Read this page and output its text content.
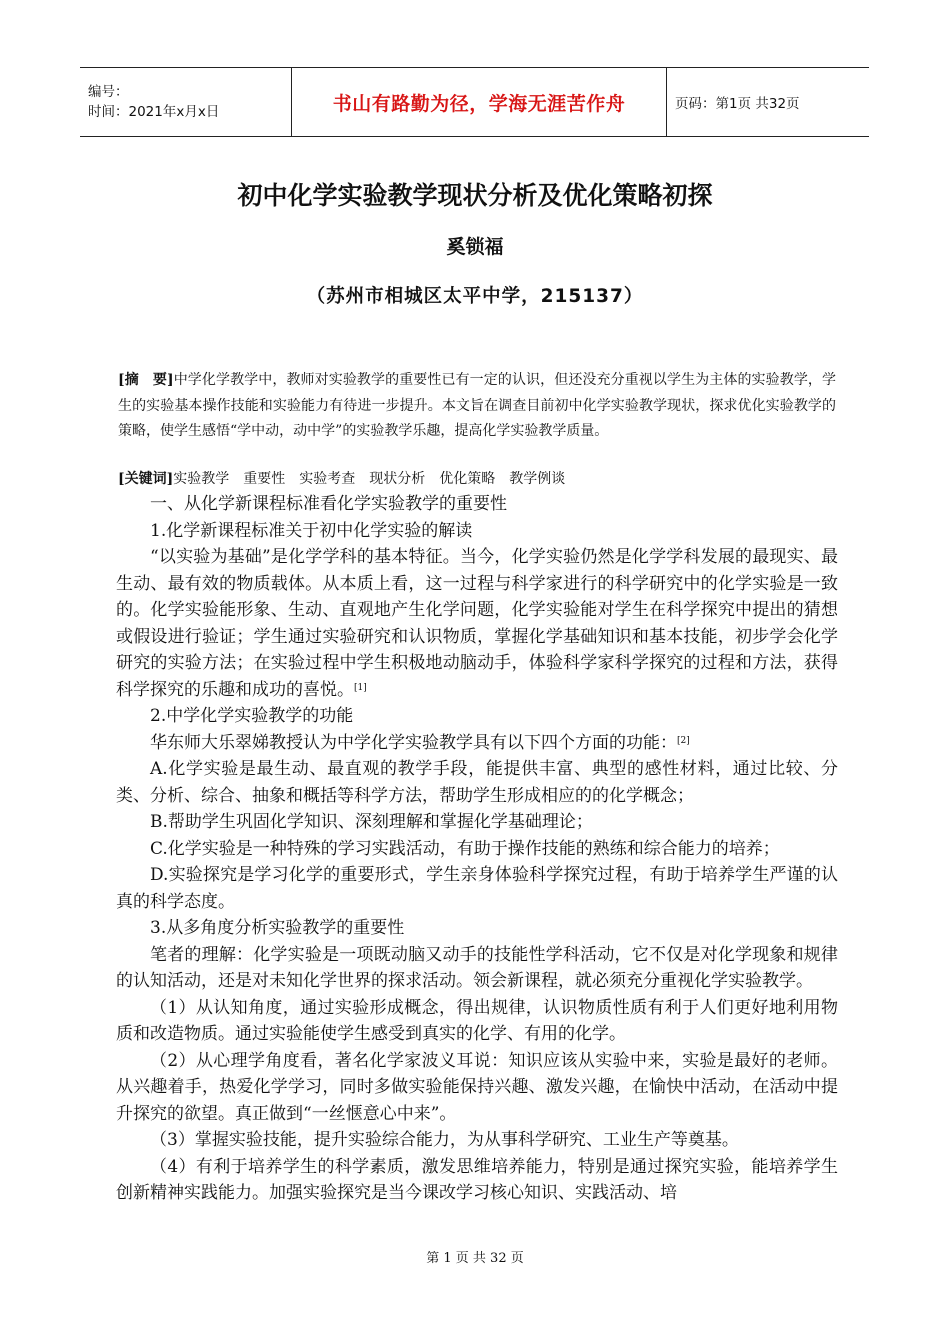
编号：
时间：2021年x月x日	书山有路勤为径，学海无涯苦作舟	页码：第1页 共32页
初中化学实验教学现状分析及优化策略初探
奚锁福
（苏州市相城区太平中学，215137）
[摘　要]中学化学教学中，教师对实验教学的重要性已有一定的认识，但还没充分重视以学生为主体的实验教学，学生的实验基本操作技能和实验能力有待进一步提升。本文旨在调查目前初中化学实验教学现状，探求优化实验教学的策略，使学生感悟“学中动，动中学”的实验教学乐趣，提高化学实验教学质量。
[关键词]实验教学 重要性 实验考查 现状分析 优化策略 教学例谈

一、从化学新课程标准看化学实验教学的重要性

1.化学新课程标准关于初中化学实验的解读

“以实验为基础”是化学学科的基本特征。当今，化学实验仍然是化学学科发展的最现实、最生动、最有效的物质载体。从本质上看，这一过程与科学家进行的科学研究中的化学实验是一致的。化学实验能形象、生动、直观地产生化学问题，化学实验能对学生在科学探究中提出的猜想或假设进行验证；学生通过实验研究和认识物质，掌握化学基础知识和基本技能，初步学会化学研究的实验方法；在实验过程中学生积极地动脑动手，体验科学家科学探究的过程和方法，获得科学探究的乐趣和成功的喜悦。[1]

2.中学化学实验教学的功能

华东师大乐翠娣教授认为中学化学实验教学具有以下四个方面的功能：[2]

A.化学实验是最生动、最直观的教学手段，能提供丰富、典型的感性材料，通过比较、分类、分析、综合、抽象和概括等科学方法，帮助学生形成相应的的化学概念；

B.帮助学生巩固化学知识、深刻理解和掌握化学基础理论；

C.化学实验是一种特殊的学习实践活动，有助于操作技能的熟练和综合能力的培养；

D.实验探究是学习化学的重要形式，学生亲身体验科学探究过程，有助于培养学生严谨的认真的科学态度。

3.从多角度分析实验教学的重要性

笔者的理解：化学实验是一项既动脑又动手的技能性学科活动，它不仅是对化学现象和规律的认知活动，还是对未知化学世界的探求活动。领会新课程，就必须充分重视化学实验教学。

（1）从认知角度，通过实验形成概念，得出规律，认识物质性质有利于人们更好地利用物质和改造物质。通过实验能使学生感受到真实的化学、有用的化学。

（2）从心理学角度看，著名化学家波义耳说：知识应该从实验中来，实验是最好的老师。从兴趣着手，热爱化学学习，同时多做实验能保持兴趣、激发兴趣，在愉快中活动，在活动中提升探究的欲望。真正做到“一丝惬意心中来”。

（3）掌握实验技能，提升实验综合能力，为从事科学研究、工业生产等奠基。

（4）有利于培养学生的科学素质，激发思维培养能力，特别是通过探究实验，能培养学生创新精神实践能力。加强实验探究是当今课改学习核心知识、实践活动、培

第 1 页 共 32 页
